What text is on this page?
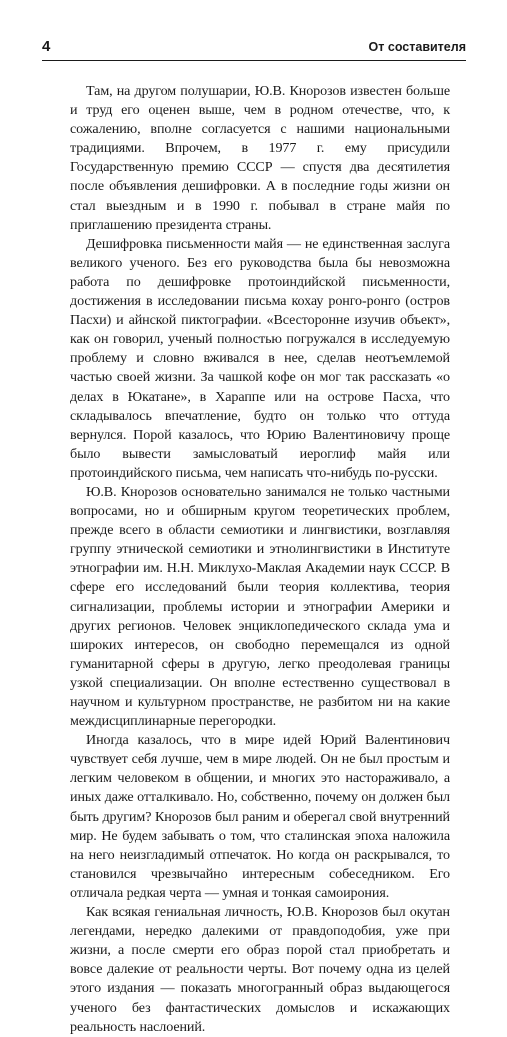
4	От составителя

Там, на другом полушарии, Ю.В. Кнорозов известен больше и труд его оценен выше, чем в родном отечестве, что, к сожалению, вполне согласуется с нашими национальными традициями. Впрочем, в 1977 г. ему присудили Государственную премию СССР — спустя два десятилетия после объявления дешифровки. А в последние годы жизни он стал выездным и в 1990 г. побывал в стране майя по приглашению президента страны.

Дешифровка письменности майя — не единственная заслуга великого ученого. Без его руководства была бы невозможна работа по дешифровке протоиндийской письменности, достижения в исследовании письма кохау ронго-ронго (остров Пасхи) и айнской пиктографии. «Всесторонне изучив объект», как он говорил, ученый полностью погружался в исследуемую проблему и словно вживался в нее, сделав неотъемлемой частью своей жизни. За чашкой кофе он мог так рассказать «о делах в Юкатане», в Хараппе или на острове Пасха, что складывалось впечатление, будто он только что оттуда вернулся. Порой казалось, что Юрию Валентиновичу проще было вывести замысловатый иероглиф майя или протоиндийского письма, чем написать что-нибудь по-русски.

Ю.В. Кнорозов основательно занимался не только частными вопросами, но и обширным кругом теоретических проблем, прежде всего в области семиотики и лингвистики, возглавляя группу этнической семиотики и этнолингвистики в Институте этнографии им. Н.Н. Миклухо-Маклая Академии наук СССР. В сфере его исследований были теория коллектива, теория сигнализации, проблемы истории и этнографии Америки и других регионов. Человек энциклопедического склада ума и широких интересов, он свободно перемещался из одной гуманитарной сферы в другую, легко преодолевая границы узкой специализации. Он вполне естественно существовал в научном и культурном пространстве, не разбитом ни на какие междисциплинарные перегородки.

Иногда казалось, что в мире идей Юрий Валентинович чувствует себя лучше, чем в мире людей. Он не был простым и легким человеком в общении, и многих это настораживало, а иных даже отталкивало. Но, собственно, почему он должен был быть другим? Кнорозов был раним и оберегал свой внутренний мир. Не будем забывать о том, что сталинская эпоха наложила на него неизгладимый отпечаток. Но когда он раскрывался, то становился чрезвычайно интересным собеседником. Его отличала редкая черта — умная и тонкая самоирония.

Как всякая гениальная личность, Ю.В. Кнорозов был окутан легендами, нередко далекими от правдоподобия, уже при жизни, а после смерти его образ порой стал приобретать и вовсе далекие от реальности черты. Вот почему одна из целей этого издания — показать многогранный образ выдающегося ученого без фантастических домыслов и искажающих реальность наслоений.
